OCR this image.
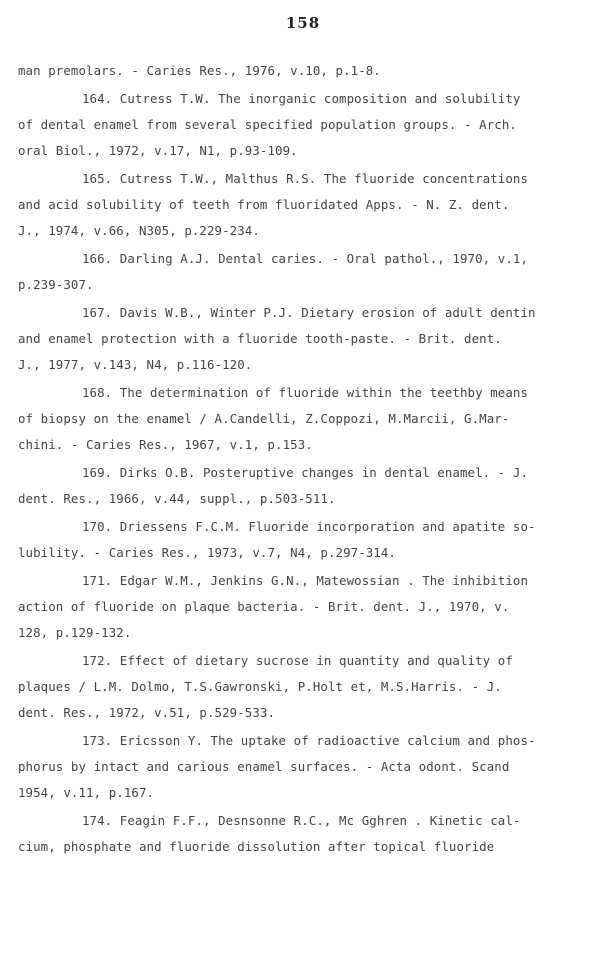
158
man premolars. - Caries Res., 1976, v.10, p.1-8.
164. Cutress T.W. The inorganic composition and solubility
of dental enamel from several specified population groups. - Arch.
oral Biol., 1972, v.17, N1, p.93-109.
165. Cutress T.W., Malthus R.S. The fluoride concentrations
and acid solubility of teeth from fluoridated Apps. - N. Z. dent.
J., 1974, v.66, N305, p.229-234.
166. Darling A.J. Dental caries. - Oral pathol., 1970, v.1,
p.239-307.
167. Davis W.B., Winter P.J. Dietary erosion of adult dentin
and enamel protection with a fluoride tooth-paste. - Brit. dent.
J., 1977, v.143, N4, p.116-120.
168. The determination of fluoride within the teethby means
of biopsy on the enamel / A.Candelli, Z.Coppozi, M.Marcii, G.Mar-
chini. - Caries Res., 1967, v.1, p.153.
169. Dirks O.B. Posteruptive changes in dental enamel. - J.
dent. Res., 1966, v.44, suppl., p.503-511.
170. Driessens F.C.M. Fluoride incorporation and apatite so-
lubility. - Caries Res., 1973, v.7, N4, p.297-314.
171. Edgar W.M., Jenkins G.N., Matewossian . The inhibition
action of fluoride on plaque bacteria. - Brit. dent. J., 1970, v.
128, p.129-132.
172. Effect of dietary sucrose in quantity and quality of
plaques / L.M. Dolmo, T.S.Gawronski, P.Holt et, M.S.Harris. - J.
dent. Res., 1972, v.51, p.529-533.
173. Ericsson Y. The uptake of radioactive calcium and phos-
phorus by intact and carious enamel surfaces. - Acta odont. Scand
1954, v.11, p.167.
174. Feagin F.F., Desnsonne R.C., Mc Gghren . Kinetic cal-
cium, phosphate and fluoride dissolution after topical fluoride
